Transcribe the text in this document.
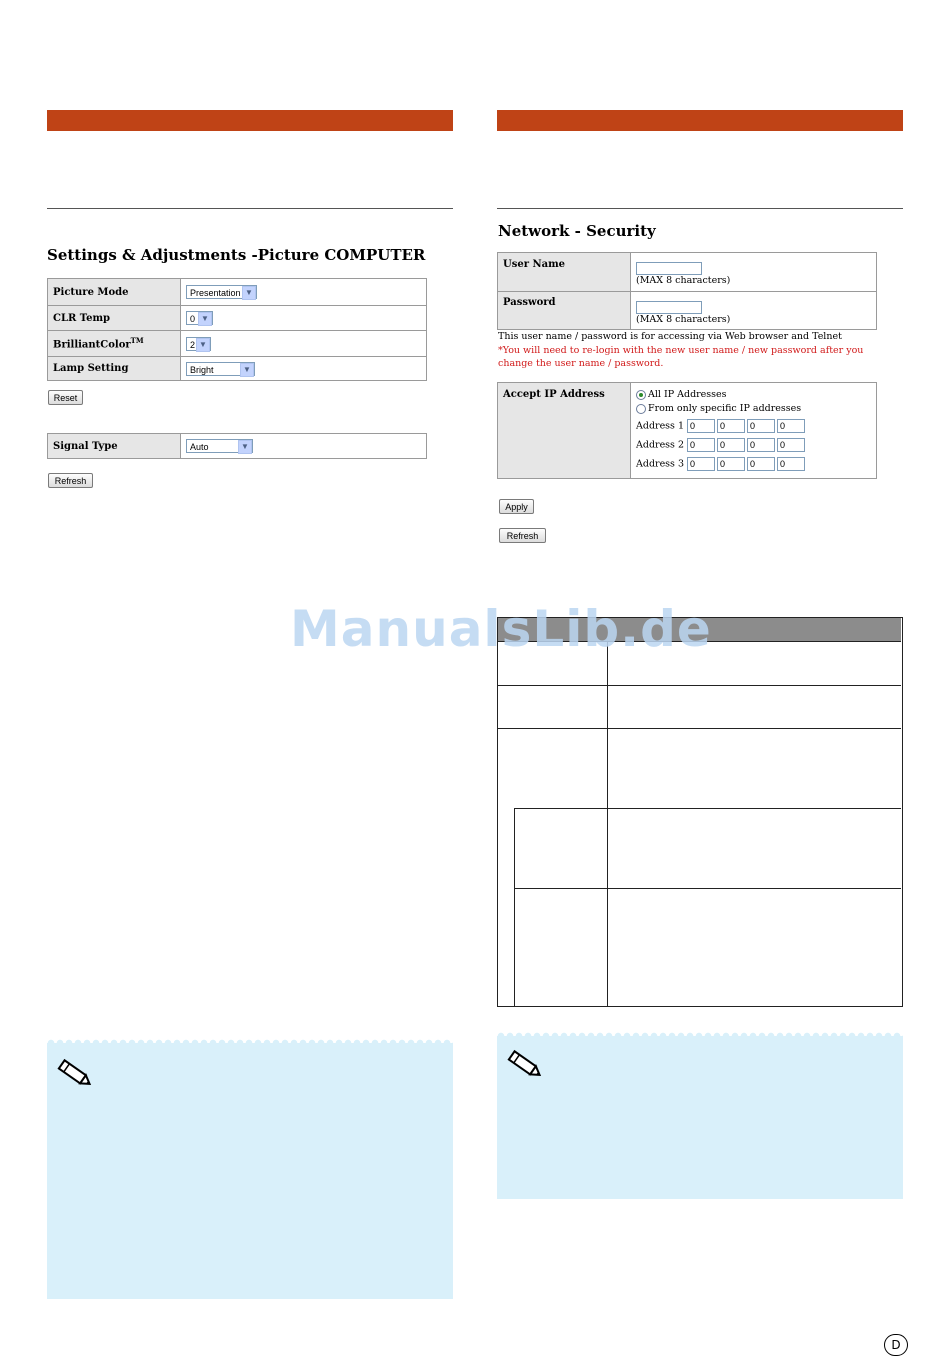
Settings & Adjustments -Picture COMPUTER
Picture Mode	Presentation ▼

CLR Temp	0 ▼

BrilliantColor™	2 ▼

Lamp Setting	Bright ▼
Reset
Signal Type	Auto	▼
Refresh
Network - Security
User Name	(MAX 8 characters)
Password	(MAX 8 characters)
This user name / password is for accessing via Web browser and Telnet
*You will need to re-login with the new user name / new password after you change the user name / password.
Accept IP Address	All IP Addresses
From only specific IP addresses
Address 1 0	0	0	0
Address 2 0	0	0	0
Address 3 0	0	0	0
Apply
Refresh
ManualsLib.de
D
